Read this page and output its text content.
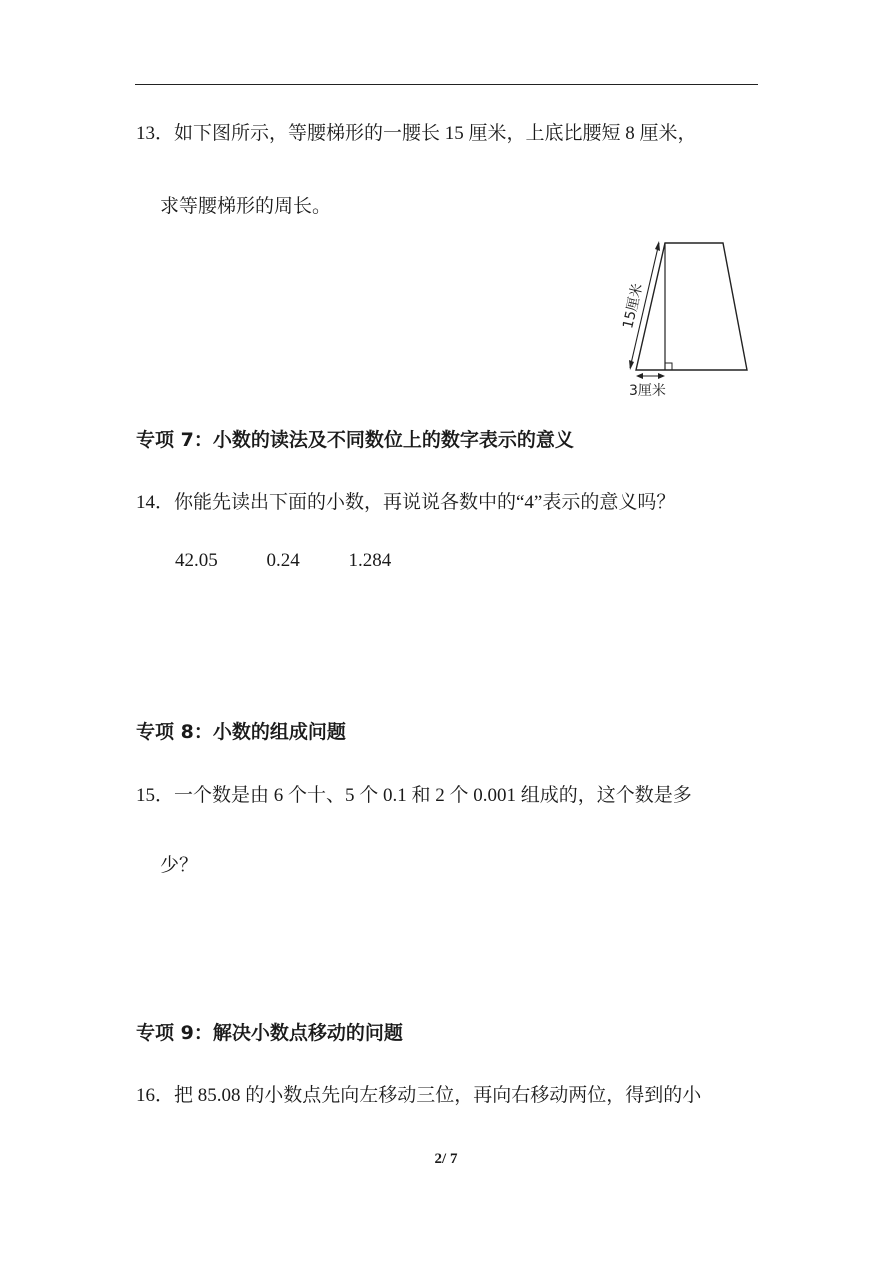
13．如下图所示，等腰梯形的一腰长 15 厘米，上底比腰短 8 厘米，
求等腰梯形的周长。
15厘米
3厘米
专项 7：小数的读法及不同数位上的数字表示的意义
14．你能先读出下面的小数，再说说各数中的“4”表示的意义吗？
42.05	0.24	1.284
专项 8：小数的组成问题
15．一个数是由 6 个十、5 个 0.1 和 2 个 0.001 组成的，这个数是多
少？
专项 9：解决小数点移动的问题
16．把 85.08 的小数点先向左移动三位，再向右移动两位，得到的小
2/ 7
